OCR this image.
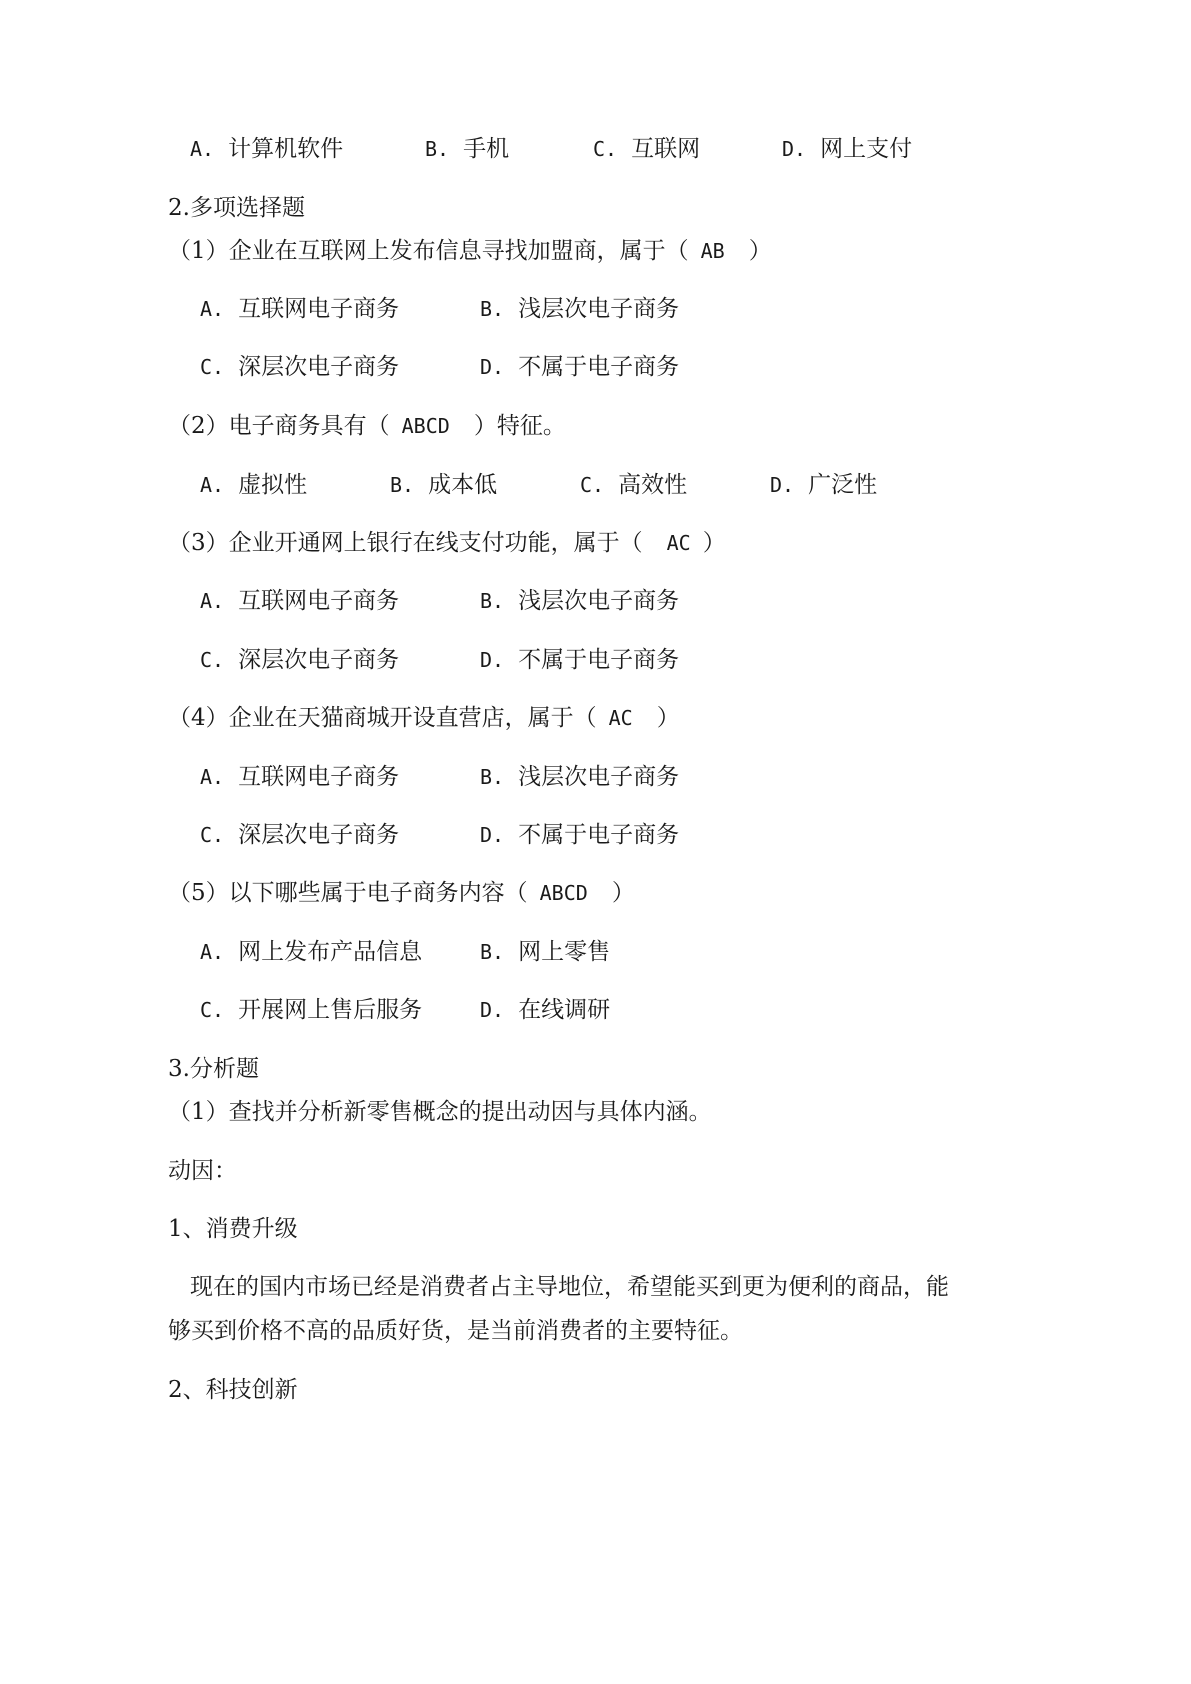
A. 计算机软件	B. 手机	C. 互联网	D. 网上支付
2.多项选择题
（1）企业在互联网上发布信息寻找加盟商，属于（ AB ）
A. 互联网电子商务	B. 浅层次电子商务
C. 深层次电子商务	D. 不属于电子商务
（2）电子商务具有（ ABCD ）特征。
A. 虚拟性	B. 成本低	C. 高效性	D. 广泛性
（3）企业开通网上银行在线支付功能，属于（ AC ）
A. 互联网电子商务	B. 浅层次电子商务
C. 深层次电子商务	D. 不属于电子商务
（4）企业在天猫商城开设直营店，属于（ AC ）
A. 互联网电子商务	B. 浅层次电子商务
C. 深层次电子商务	D. 不属于电子商务
（5）以下哪些属于电子商务内容（ ABCD ）
A. 网上发布产品信息	B. 网上零售
C. 开展网上售后服务	D. 在线调研
3.分析题
（1）查找并分析新零售概念的提出动因与具体内涵。
动因：
1、消费升级
现在的国内市场已经是消费者占主导地位，希望能买到更为便利的商品，能
够买到价格不高的品质好货，是当前消费者的主要特征。
2、科技创新
